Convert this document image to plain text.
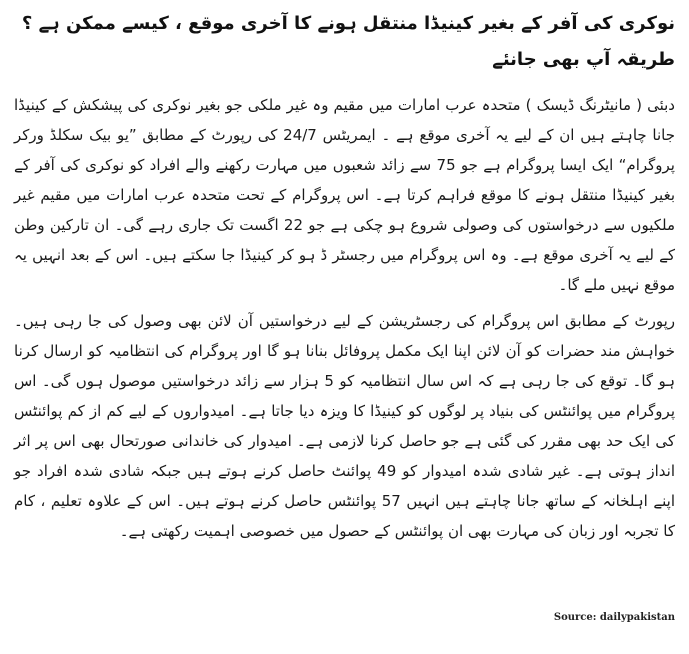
نوکری کی آفر کے بغیر کینیڈا منتقل ہونے کا آخری موقع ، کیسے ممکن ہے ؟ طریقہ آپ بھی جانئے

دبئی ( مانیٹرنگ ڈیسک ) متحدہ عرب امارات میں مقیم وہ غیر ملکی جو بغیر نوکری کی پیشکش کے کینیڈا جانا چاہتے ہیں ان کے لیے یہ آخری موقع ہے ۔ ایمریٹس 24/7 کی رپورٹ کے مطابق ”یو بیک سکلڈ ورکر پروگرام“ ایک ایسا پروگرام ہے جو 75 سے زائد شعبوں میں مہارت رکھنے والے افراد کو نوکری کی آفر کے بغیر کینیڈا منتقل ہونے کا موقع فراہم کرتا ہے۔ اس پروگرام کے تحت متحدہ عرب امارات میں مقیم غیر ملکیوں سے درخواستوں کی وصولی شروع ہو چکی ہے جو 22 اگست تک جاری رہے گی۔ ان تارکین وطن کے لیے یہ آخری موقع ہے۔ وہ اس پروگرام میں رجسٹر ڈ ہو کر کینیڈا جا سکتے ہیں۔ اس کے بعد انہیں یہ موقع نہیں ملے گا۔

رپورٹ کے مطابق اس پروگرام کی رجسٹریشن کے لیے درخواستیں آن لائن بھی وصول کی جا رہی ہیں۔ خواہش مند حضرات کو آن لائن اپنا ایک مکمل پروفائل بنانا ہو گا اور پروگرام کی انتظامیہ کو ارسال کرنا ہو گا۔ توقع کی جا رہی ہے کہ اس سال انتظامیہ کو 5 ہزار سے زائد درخواستیں موصول ہوں گی۔ اس پروگرام میں پوائنٹس کی بنیاد پر لوگوں کو کینیڈا کا ویزہ دیا جاتا ہے۔ امیدواروں کے لیے کم از کم پوائنٹس کی ایک حد بھی مقرر کی گئی ہے جو حاصل کرنا لازمی ہے۔ امیدوار کی خاندانی صورتحال بھی اس پر اثر انداز ہوتی ہے۔ غیر شادی شدہ امیدوار کو 49 پوائنٹ حاصل کرنے ہوتے ہیں جبکہ شادی شدہ افراد جو اپنے اہلخانہ کے ساتھ جانا چاہتے ہیں انہیں 57 پوائنٹس حاصل کرنے ہوتے ہیں۔ اس کے علاوہ تعلیم ، کام کا تجربہ اور زبان کی مہارت بھی ان پوائنٹس کے حصول میں خصوصی اہمیت رکھتی ہے۔

Source: dailypakistan
